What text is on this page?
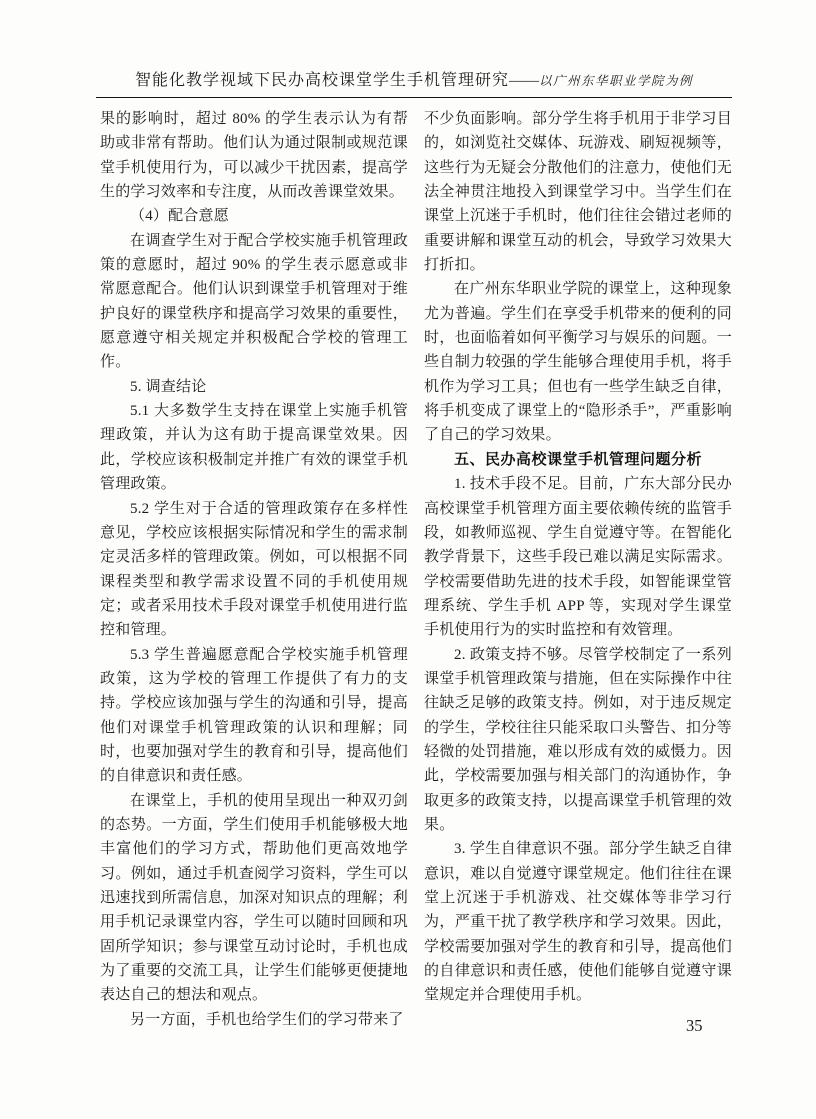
智能化教学视域下民办高校课堂学生手机管理研究——以广州东华职业学院为例

果的影响时，超过 80% 的学生表示认为有帮助或非常有帮助。他们认为通过限制或规范课堂手机使用行为，可以减少干扰因素，提高学生的学习效率和专注度，从而改善课堂效果。

（4）配合意愿

在调查学生对于配合学校实施手机管理政策的意愿时，超过 90% 的学生表示愿意或非常愿意配合。他们认识到课堂手机管理对于维护良好的课堂秩序和提高学习效果的重要性，愿意遵守相关规定并积极配合学校的管理工作。

5. 调查结论

5.1 大多数学生支持在课堂上实施手机管理政策，并认为这有助于提高课堂效果。因此，学校应该积极制定并推广有效的课堂手机管理政策。

5.2 学生对于合适的管理政策存在多样性意见，学校应该根据实际情况和学生的需求制定灵活多样的管理政策。例如，可以根据不同课程类型和教学需求设置不同的手机使用规定；或者采用技术手段对课堂手机使用进行监控和管理。

5.3 学生普遍愿意配合学校实施手机管理政策，这为学校的管理工作提供了有力的支持。学校应该加强与学生的沟通和引导，提高他们对课堂手机管理政策的认识和理解；同时，也要加强对学生的教育和引导，提高他们的自律意识和责任感。

在课堂上，手机的使用呈现出一种双刃剑的态势。一方面，学生们使用手机能够极大地丰富他们的学习方式，帮助他们更高效地学习。例如，通过手机查阅学习资料，学生可以迅速找到所需信息，加深对知识点的理解；利用手机记录课堂内容，学生可以随时回顾和巩固所学知识；参与课堂互动讨论时，手机也成为了重要的交流工具，让学生们能够更便捷地表达自己的想法和观点。

另一方面，手机也给学生们的学习带来了

不少负面影响。部分学生将手机用于非学习目的，如浏览社交媒体、玩游戏、刷短视频等，这些行为无疑会分散他们的注意力，使他们无法全神贯注地投入到课堂学习中。当学生们在课堂上沉迷于手机时，他们往往会错过老师的重要讲解和课堂互动的机会，导致学习效果大打折扣。

在广州东华职业学院的课堂上，这种现象尤为普遍。学生们在享受手机带来的便利的同时，也面临着如何平衡学习与娱乐的问题。一些自制力较强的学生能够合理使用手机，将手机作为学习工具；但也有一些学生缺乏自律，将手机变成了课堂上的“隐形杀手”，严重影响了自己的学习效果。

五、民办高校课堂手机管理问题分析

1. 技术手段不足。目前，广东大部分民办高校课堂手机管理方面主要依赖传统的监管手段，如教师巡视、学生自觉遵守等。在智能化教学背景下，这些手段已难以满足实际需求。学校需要借助先进的技术手段，如智能课堂管理系统、学生手机 APP 等，实现对学生课堂手机使用行为的实时监控和有效管理。

2. 政策支持不够。尽管学校制定了一系列课堂手机管理政策与措施，但在实际操作中往往缺乏足够的政策支持。例如，对于违反规定的学生，学校往往只能采取口头警告、扣分等轻微的处罚措施，难以形成有效的威慑力。因此，学校需要加强与相关部门的沟通协作，争取更多的政策支持，以提高课堂手机管理的效果。

3. 学生自律意识不强。部分学生缺乏自律意识，难以自觉遵守课堂规定。他们往往在课堂上沉迷于手机游戏、社交媒体等非学习行为，严重干扰了教学秩序和学习效果。因此，学校需要加强对学生的教育和引导，提高他们的自律意识和责任感，使他们能够自觉遵守课堂规定并合理使用手机。

35
